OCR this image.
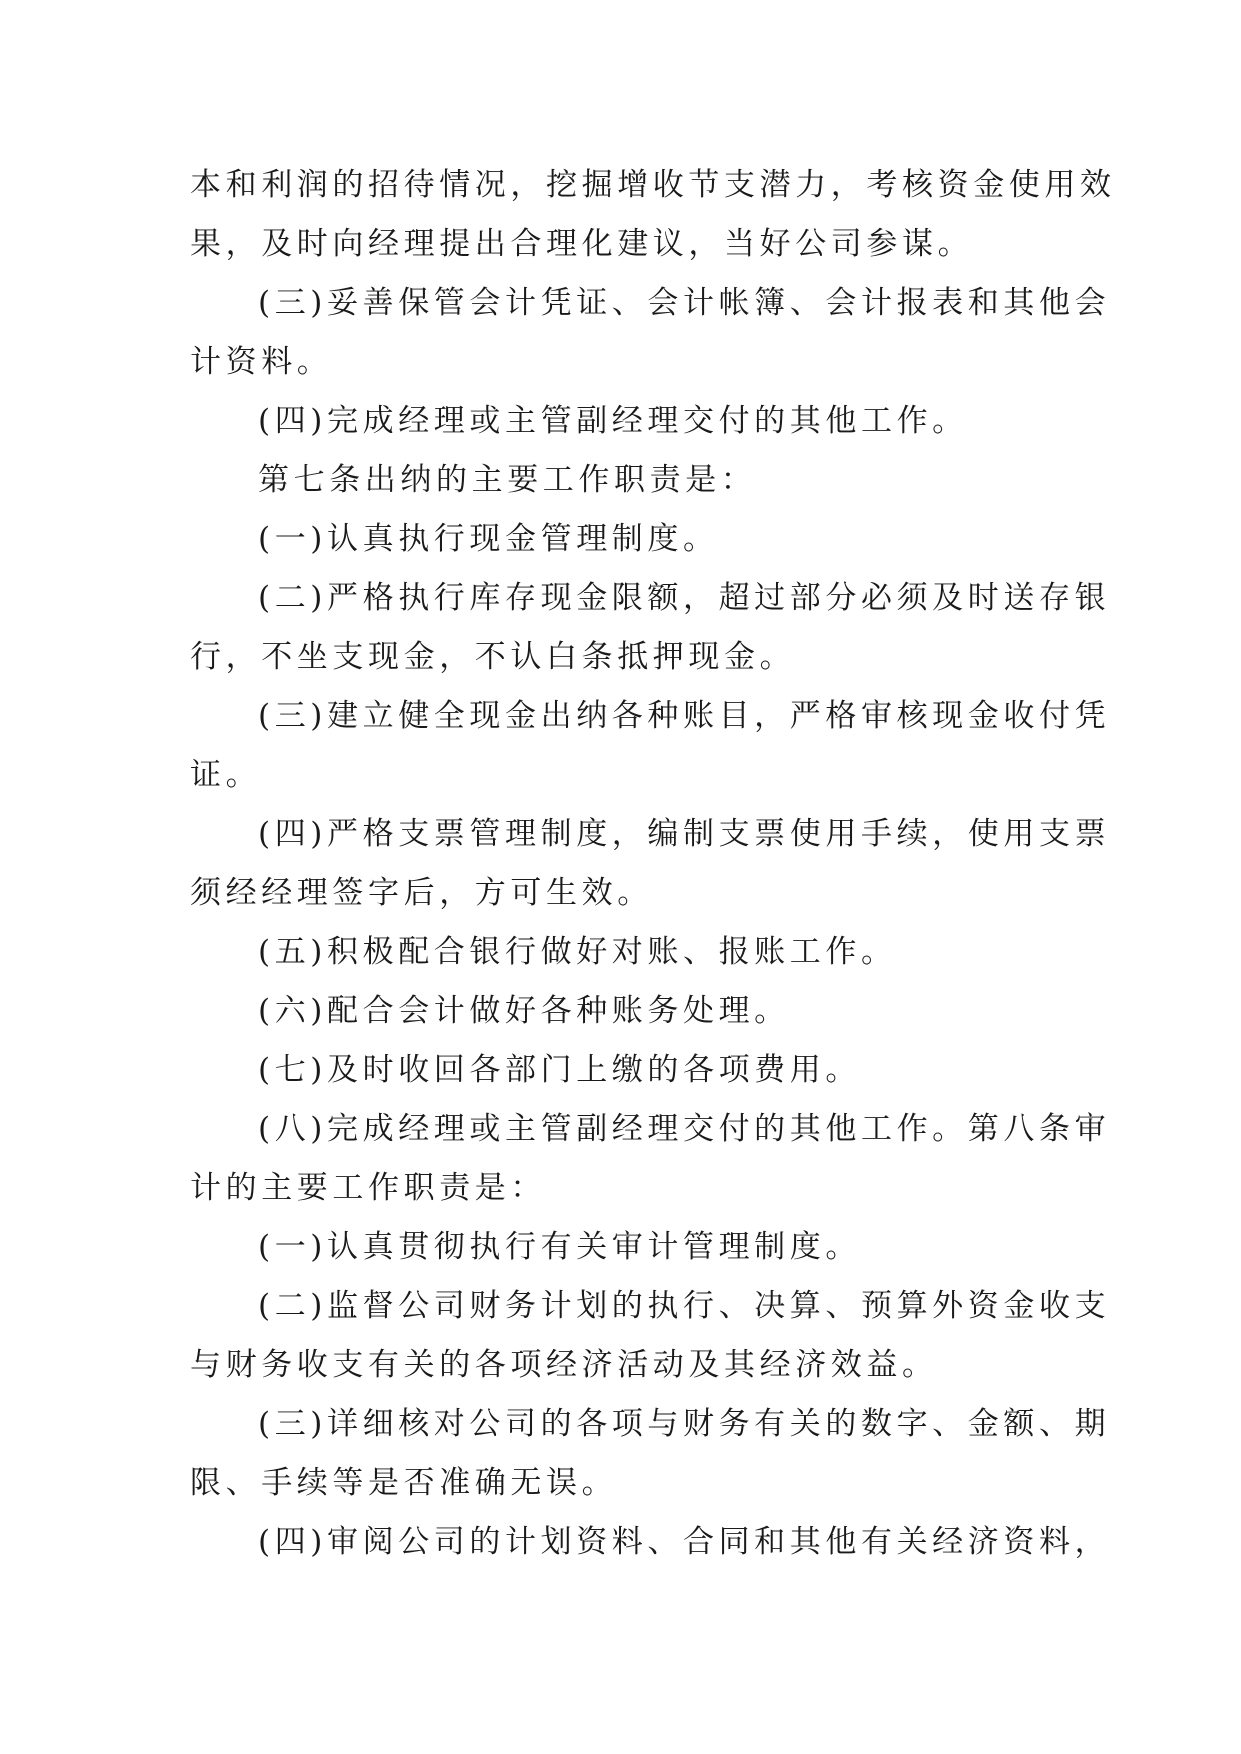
本和利润的招待情况，挖掘增收节支潜力，考核资金使用效
果，及时向经理提出合理化建议，当好公司参谋。
(三)妥善保管会计凭证、会计帐簿、会计报表和其他会
计资料。
(四)完成经理或主管副经理交付的其他工作。
第七条出纳的主要工作职责是：
(一)认真执行现金管理制度。
(二)严格执行库存现金限额，超过部分必须及时送存银
行，不坐支现金，不认白条抵押现金。
(三)建立健全现金出纳各种账目，严格审核现金收付凭
证。
(四)严格支票管理制度，编制支票使用手续，使用支票
须经经理签字后，方可生效。
(五)积极配合银行做好对账、报账工作。
(六)配合会计做好各种账务处理。
(七)及时收回各部门上缴的各项费用。
(八)完成经理或主管副经理交付的其他工作。第八条审
计的主要工作职责是：
(一)认真贯彻执行有关审计管理制度。
(二)监督公司财务计划的执行、决算、预算外资金收支
与财务收支有关的各项经济活动及其经济效益。
(三)详细核对公司的各项与财务有关的数字、金额、期
限、手续等是否准确无误。
(四)审阅公司的计划资料、合同和其他有关经济资料，
